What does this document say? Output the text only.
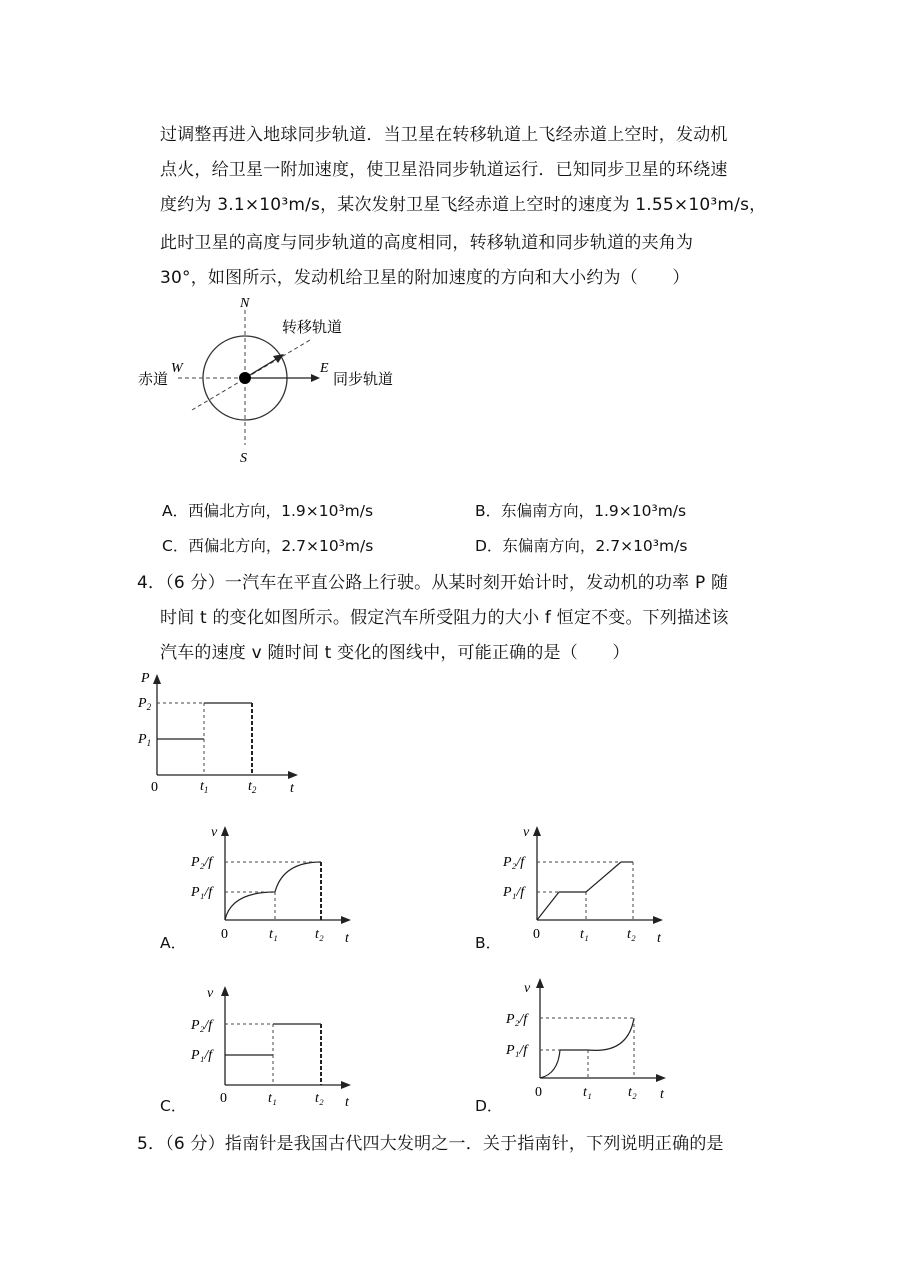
过调整再进入地球同步轨道．当卫星在转移轨道上飞经赤道上空时，发动机
点火，给卫星一附加速度，使卫星沿同步轨道运行．已知同步卫星的环绕速
度约为 3.1×10³m/s，某次发射卫星飞经赤道上空时的速度为 1.55×10³m/s，
此时卫星的高度与同步轨道的高度相同，转移轨道和同步轨道的夹角为
30°，如图所示，发动机给卫星的附加速度的方向和大小约为（　　）
N
S
W	E
转移轨道
赤道	同步轨道
A．西偏北方向，1.9×10³m/s	B．东偏南方向，1.9×10³m/s
C．西偏北方向，2.7×10³m/s	D．东偏南方向，2.7×10³m/s
4．（6 分）一汽车在平直公路上行驶。从某时刻开始计时，发动机的功率 P 随
时间 t 的变化如图所示。假定汽车所受阻力的大小 f 恒定不变。下列描述该
汽车的速度 v 随时间 t 变化的图线中，可能正确的是（　　）
P
$P_2$
$P_1$
0	$t_1$	$t_2$ t
v
P₂/f
P₁/f
0	t₁	t₂ t
A．
v
P₂/f
P₁/f
0	t₁	t₂ t
B．
v
P₂/f
P₁/f
0	t₁	t₂ t
C．
v
P₂/f
P₁/f
0	t₁	t₂ t
D．
5．（6 分）指南针是我国古代四大发明之一．关于指南针，下列说明正确的是
